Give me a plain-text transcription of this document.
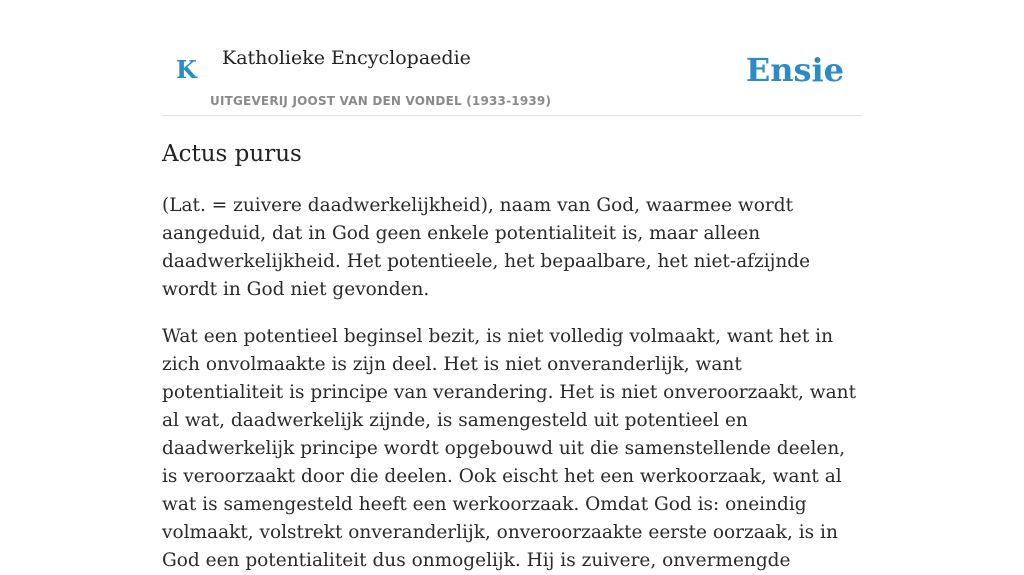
K Katholieke Encyclopaedie
UITGEVERIJ JOOST VAN DEN VONDEL (1933-1939)
Ensie
Actus purus

(Lat. = zuivere daadwerkelijkheid), naam van God, waarmee wordt aangeduid, dat in God geen enkele potentialiteit is, maar alleen daadwerkelijkheid. Het potentieele, het bepaalbare, het niet-afzijnde wordt in God niet gevonden.

Wat een potentieel beginsel bezit, is niet volledig volmaakt, want het in zich onvolmaakte is zijn deel. Het is niet onveranderlijk, want potentialiteit is principe van verandering. Het is niet onveroorzaakt, want al wat, daadwerkelijk zijnde, is samengesteld uit potentieel en daadwerkelijk principe wordt opgebouwd uit die samenstellende deelen, is veroorzaakt door die deelen. Ook eischt het een werkoorzaak, want al wat is samengesteld heeft een werkoorzaak. Omdat God is: oneindig volmaakt, volstrekt onveranderlijk, onveroorzaakte eerste oorzaak, is in God een potentialiteit dus onmogelijk. Hij is zuivere, onvermengde
